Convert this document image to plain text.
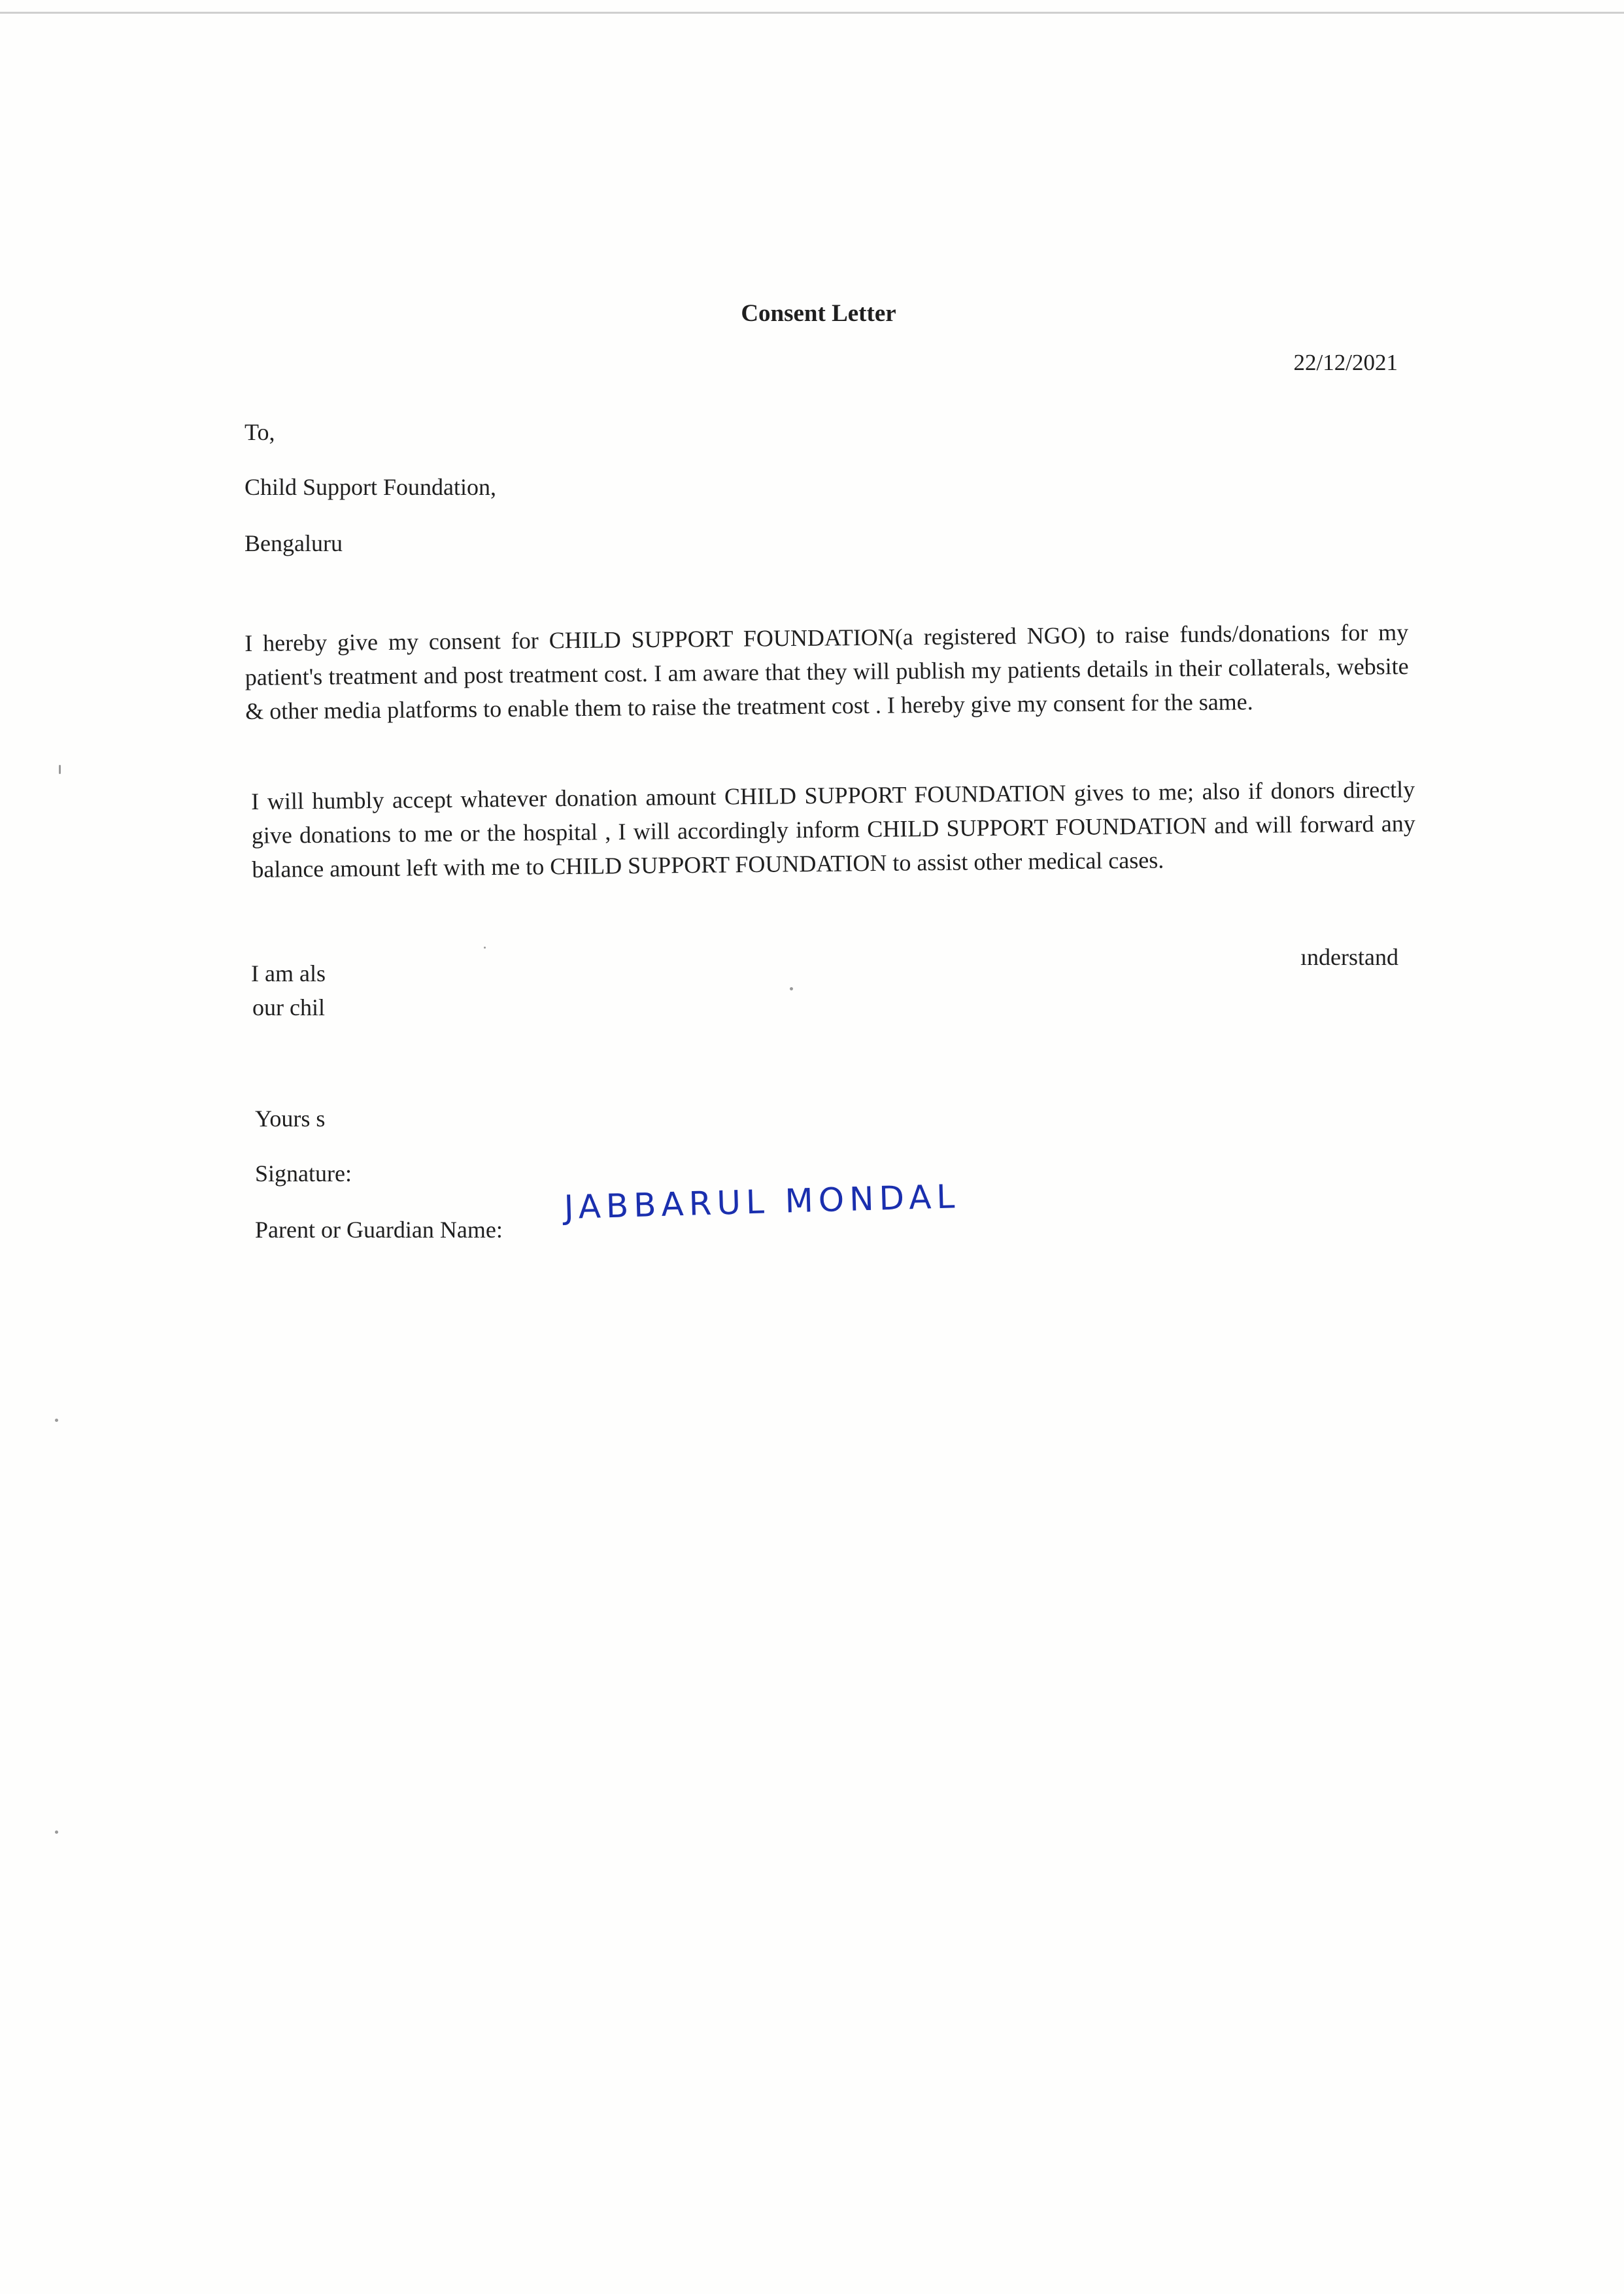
Consent Letter
22/12/2021
To,
Child Support Foundation,
Bengaluru
I hereby give my consent for CHILD SUPPORT FOUNDATION(a registered NGO) to raise funds/donations for my patient's treatment and post treatment cost. I am aware that they will publish my patients details in their collaterals, website & other media platforms to enable them to raise the treatment cost . I hereby give my consent for the same.
I will humbly accept whatever donation amount CHILD SUPPORT FOUNDATION gives to me; also if donors directly give donations to me or the hospital , I will accordingly inform CHILD SUPPORT FOUNDATION and will forward any balance amount left with me to CHILD SUPPORT FOUNDATION to assist other medical cases.
I am als
our chil
ınderstand
Yours s
Signature:
Parent or Guardian Name:
JABBARUL MONDAL
